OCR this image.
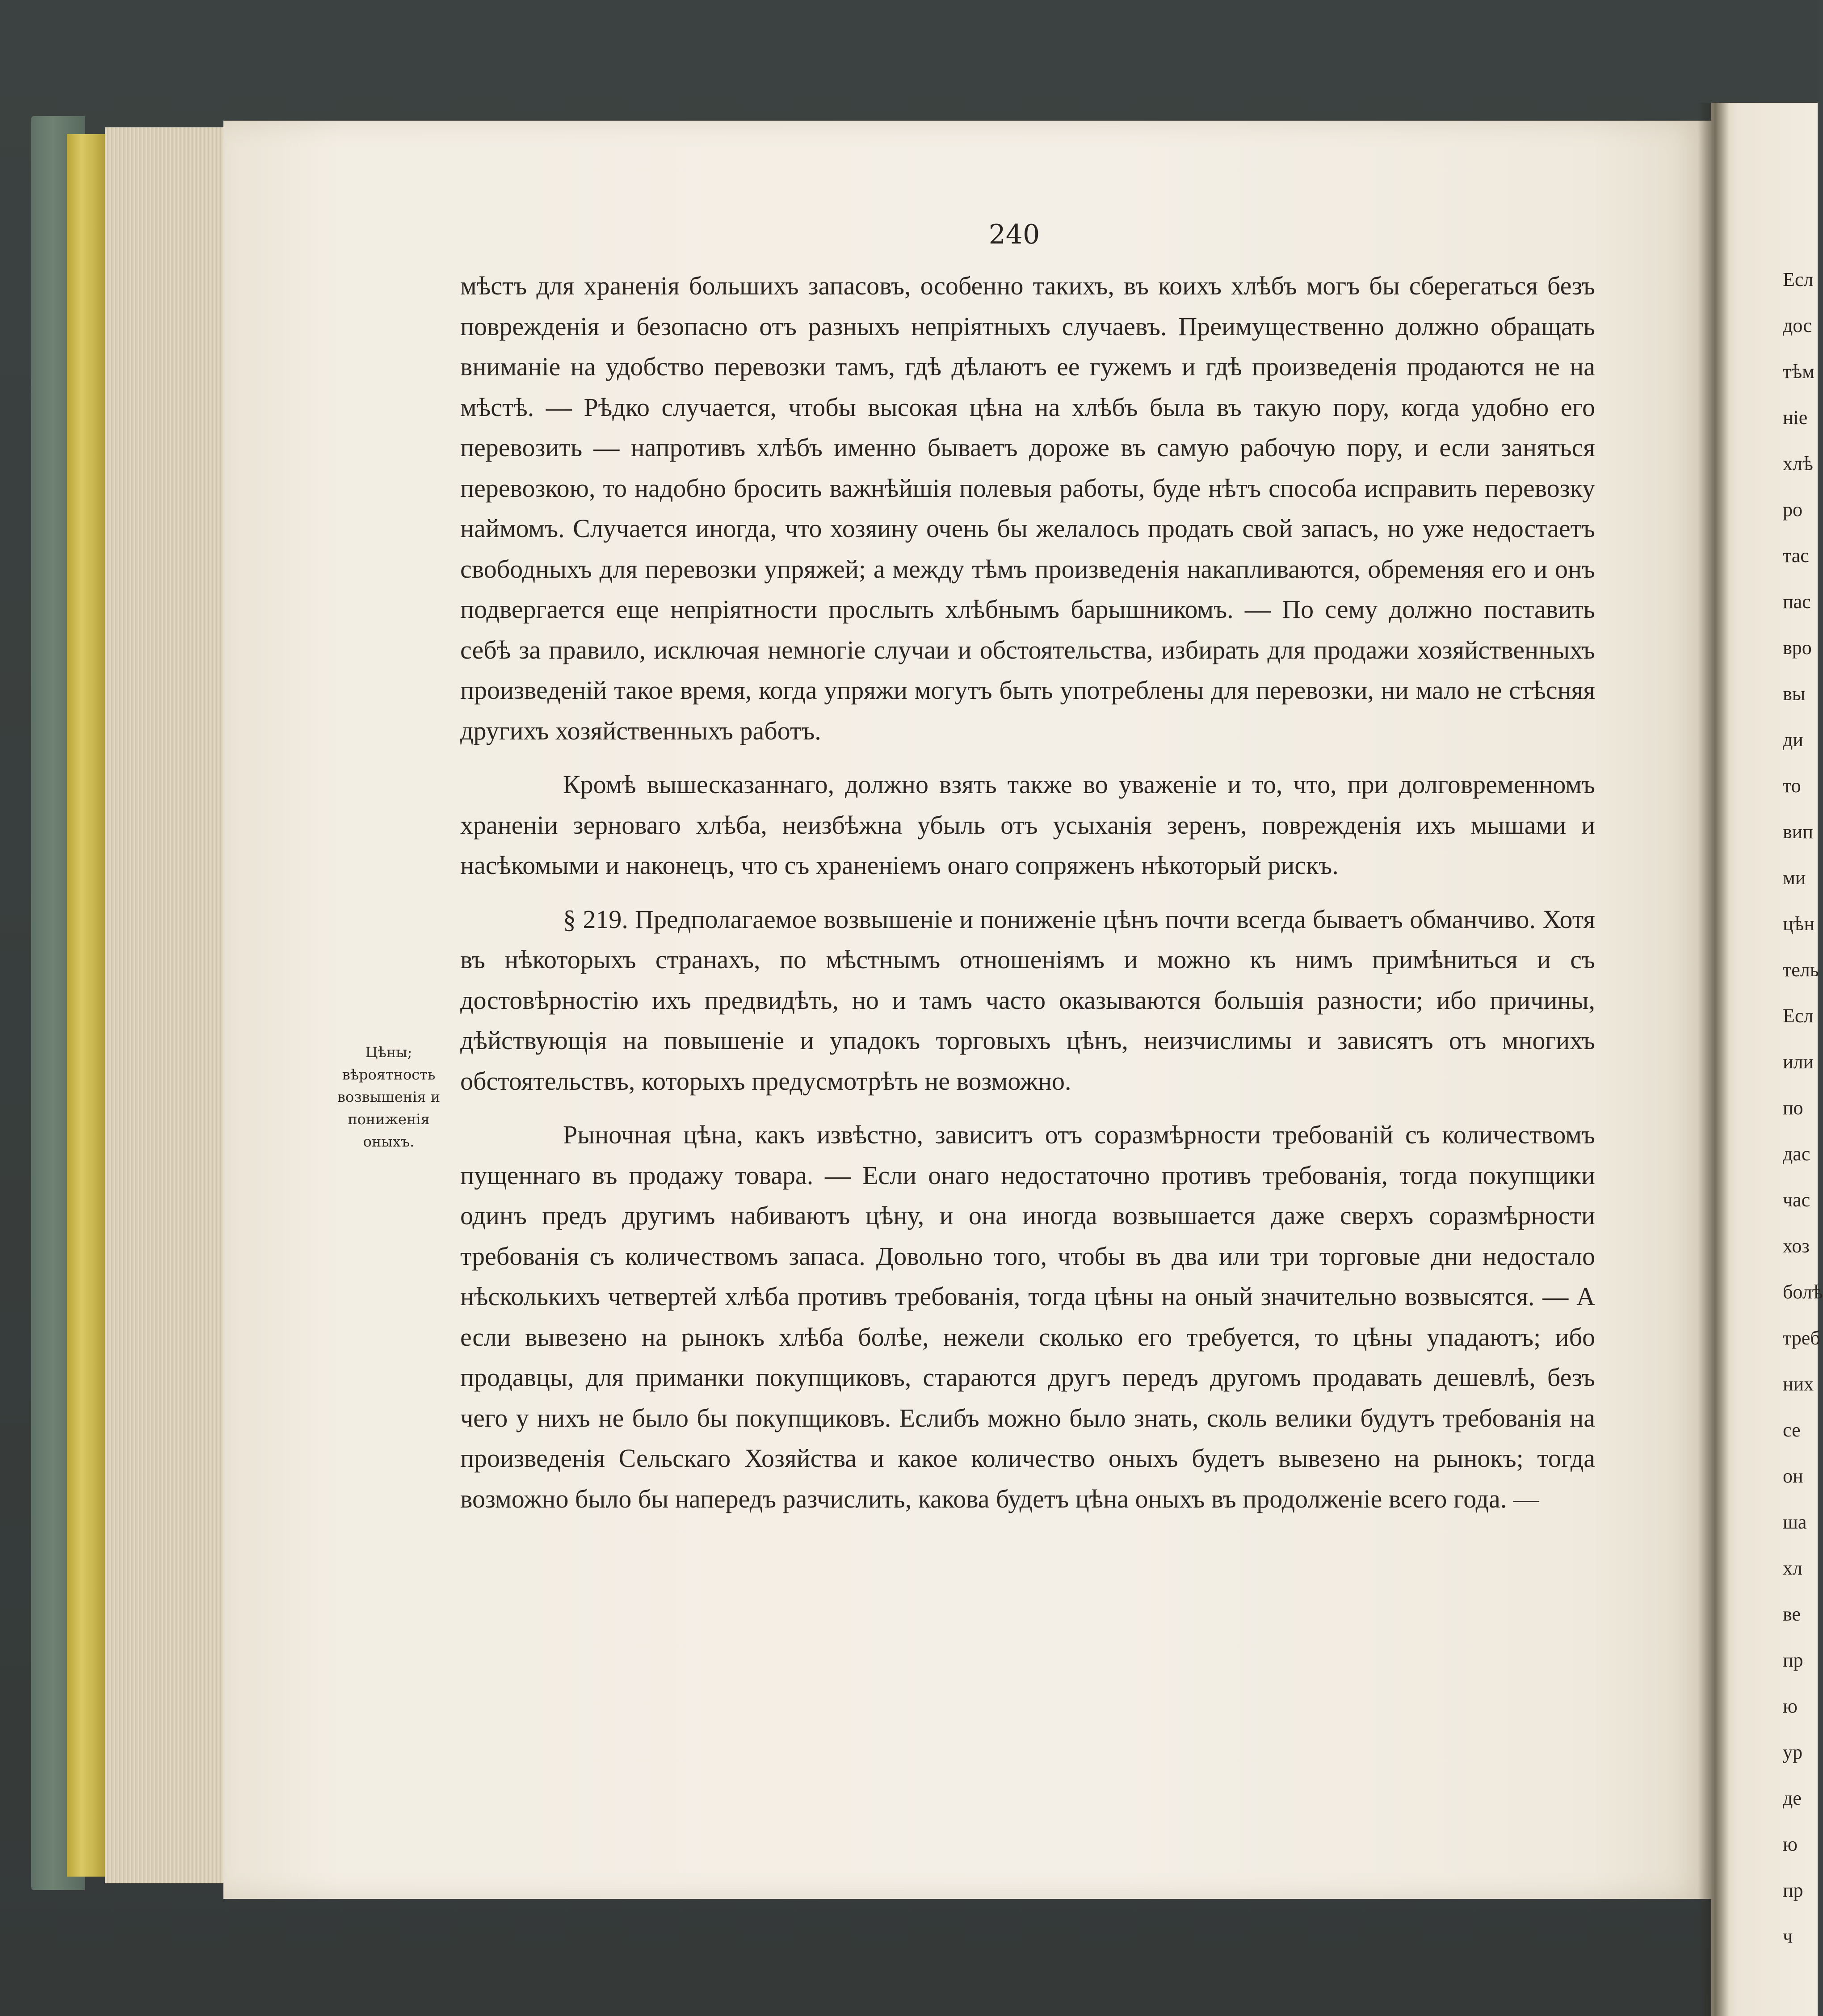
240

мѣстъ для храненія большихъ запасовъ, особенно такихъ, въ коихъ хлѣбъ могъ бы сберегаться безъ поврежденія и безопасно отъ разныхъ непріятныхъ случаевъ. Преимущественно должно обращать вниманіе на удобство перевозки тамъ, гдѣ дѣлаютъ ее гужемъ и гдѣ произведенія продаются не на мѣстѣ. — Рѣдко случается, чтобы высокая цѣна на хлѣбъ была въ такую пору, когда удобно его перевозить — напротивъ хлѣбъ именно бываетъ дороже въ самую рабочую пору, и если заняться перевозкою, то надобно бросить важнѣйшія полевыя работы, буде нѣтъ способа исправить перевозку наймомъ. Случается иногда, что хозяину очень бы желалось продать свой запасъ, но уже недостаетъ свободныхъ для перевозки упряжей; а между тѣмъ произведенія накапливаются, обременяя его и онъ подвергается еще непріятности прослыть хлѣбнымъ барышникомъ. — По сему должно поставить себѣ за правило, исключая немногіе случаи и обстоятельства, избирать для продажи хозяйственныхъ произведеній такое время, когда упряжи могутъ быть употреблены для перевозки, ни мало не стѣсняя другихъ хозяйственныхъ работъ.

Кромѣ вышесказаннаго, должно взять также во уваженіе и то, что, при долговременномъ храненіи зерноваго хлѣба, неизбѣжна убыль отъ усыханія зеренъ, поврежденія ихъ мышами и насѣкомыми и наконецъ, что съ храненіемъ онаго сопряженъ нѣкоторый рискъ.

§ 219. Предполагаемое возвышеніе и пониженіе цѣнъ почти всегда бываетъ обманчиво. Хотя въ нѣкоторыхъ странахъ, по мѣстнымъ отношеніямъ и можно къ нимъ примѣниться и съ достовѣрностію ихъ предвидѣть, но и тамъ часто оказываются большія разности; ибо причины, дѣйствующія на повышеніе и упадокъ торговыхъ цѣнъ, неизчислимы и зависятъ отъ многихъ обстоятельствъ, которыхъ предусмотрѣть не возможно.

Рыночная цѣна, какъ извѣстно, зависитъ отъ соразмѣрности требованій съ количествомъ пущеннаго въ продажу товара. — Если онаго недостаточно противъ требованія, тогда покупщики одинъ предъ другимъ набиваютъ цѣну, и она иногда возвышается даже сверхъ соразмѣрности требованія съ количествомъ запаса. Довольно того, чтобы въ два или три торговые дни недостало нѣсколькихъ четвертей хлѣба противъ требованія, тогда цѣны на оный значительно возвысятся. — А если вывезено на рынокъ хлѣба болѣе, нежели сколько его требуется, то цѣны упадаютъ; ибо продавцы, для приманки покупщиковъ, стараются другъ передъ другомъ продавать дешевлѣ, безъ чего у нихъ не было бы покупщиковъ. Еслибъ можно было знать, сколь велики будутъ требованія на произведенія Сельскаго Хозяйства и какое количество оныхъ будетъ вывезено на рынокъ; тогда возможно было бы напередъ разчислить, какова будетъ цѣна оныхъ въ продолженіе всего года. —

Цѣны; вѣроятность возвышенія и пониженія оныхъ.
Есл
дос
тѣм
ніе
хлѣ
ро
тас
пас
вро
вы
ди
то
вип
ми
цѣн
тель
Есл
или
по
дас
час
хоз
болѣ
треб
них
се
он
ша
хл
ве
пр
ю
ур
де
ю
пр
ч
